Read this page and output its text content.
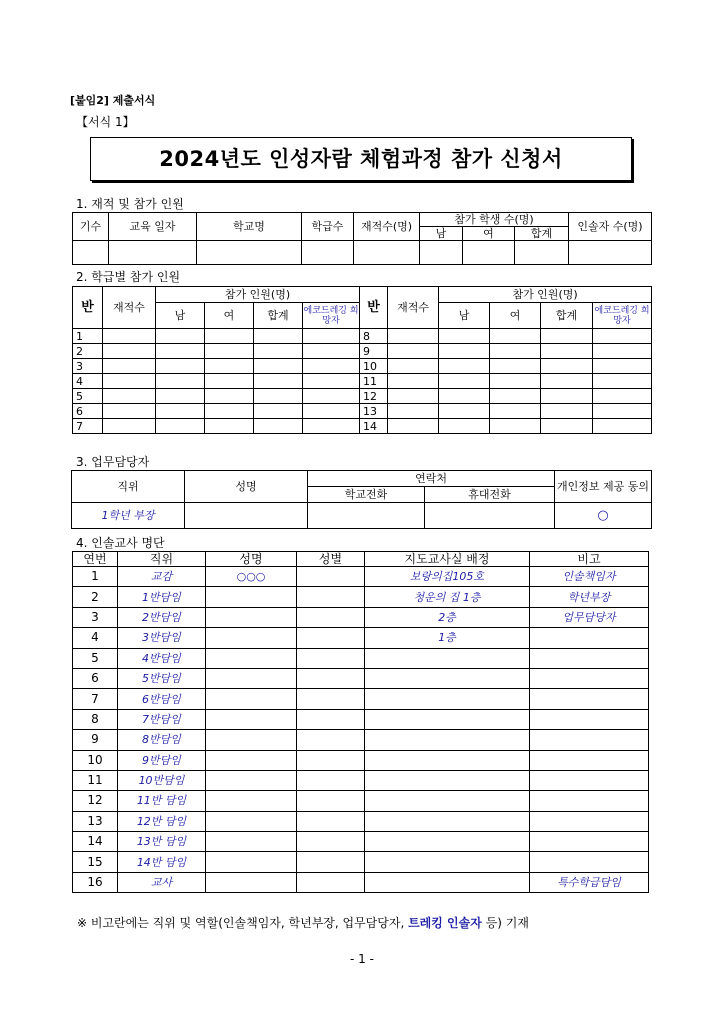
[붙임2] 제출서식
【서식 1】
2024년도 인성자람 체험과정 참가 신청서
1. 재적 및 참가 인원
기수	교육 일자	학교명	학급수	재적수(명)	참가 학생 수(명)			인솔자 수(명)
					남	여	합계	

2. 학급별 참가 인원
반	재적수	참가 인원(명)				반	재적수	참가 인원(명)			
		남	여	합계	에코드레깅 희망자			남	여	합계	에코드레깅 희망자
1						8					
2						9					
3						10					
4						11					
5						12					
6						13					
7						14					
3. 업무담당자
직위	성명	연락처		개인정보 제공 동의
		학교전화	휴대전화	
1학년 부장				○
4. 인솔교사 명단
연번	직위	성명	성별	지도교사실 배정	비고
1	교감	○○○		보랑의집105호	인솔책임자
2	1반담임			청운의 집 1층	학년부장
3	2반담임			2층	업무담당자
4	3반담임			1층	
5	4반담임				
6	5반담임				
7	6반담임				
8	7반담임				
9	8반담임				
10	9반담임				
11	10반담임				
12	11반 담임				
13	12반 담임				
14	13반 담임				
15	14반 담임				
16	교사				특수학급담임
※ 비고란에는 직위 및 역할(인솔책임자, 학년부장, 업무담당자, 트레킹 인솔자 등) 기재
- 1 -
